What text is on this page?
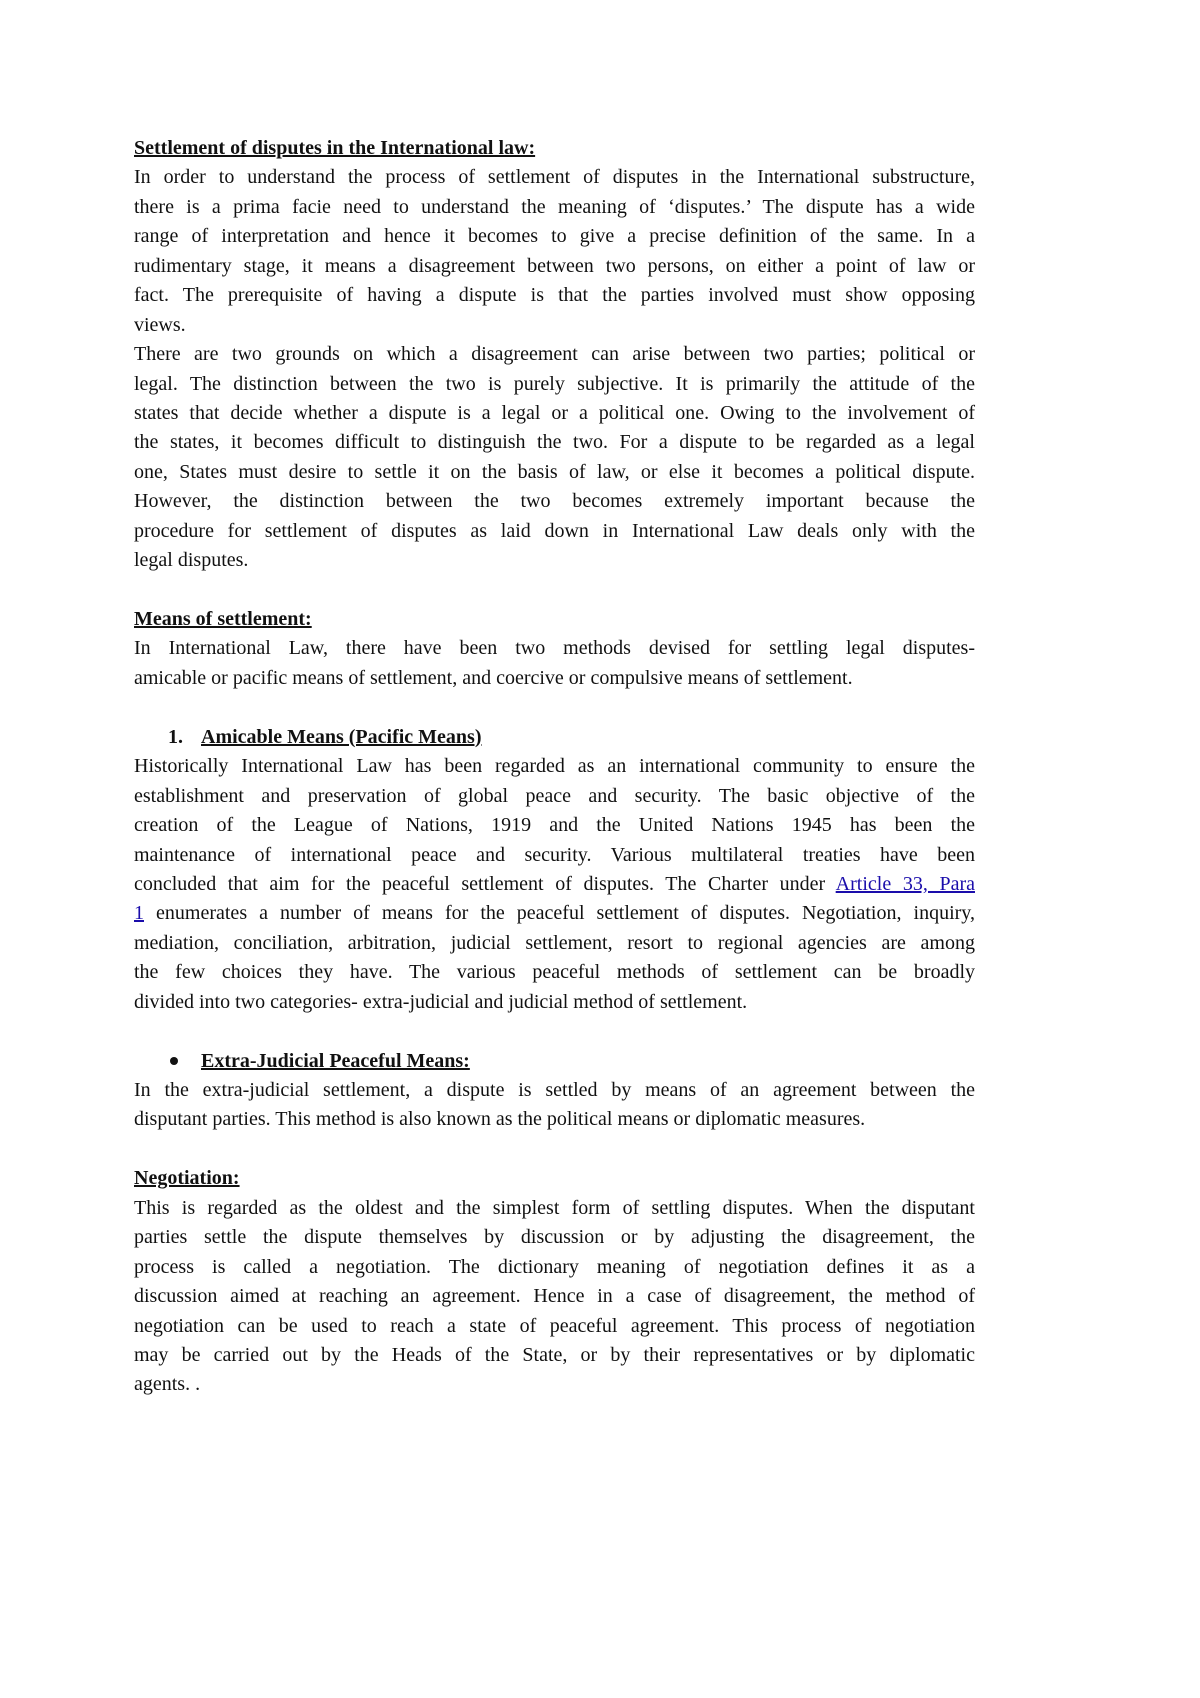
Settlement of disputes in the International law:
In order to understand the process of settlement of disputes in the International substructure,
there is a prima facie need to understand the meaning of ‘disputes.’ The dispute has a wide
range of interpretation and hence it becomes to give a precise definition of the same. In a
rudimentary stage, it means a disagreement between two persons, on either a point of law or
fact. The prerequisite of having a dispute is that the parties involved must show opposing
views.
There are two grounds on which a disagreement can arise between two parties; political or
legal. The distinction between the two is purely subjective. It is primarily the attitude of the
states that decide whether a dispute is a legal or a political one. Owing to the involvement of
the states, it becomes difficult to distinguish the two. For a dispute to be regarded as a legal
one, States must desire to settle it on the basis of law, or else it becomes a political dispute.
However, the distinction between the two becomes extremely important because the
procedure for settlement of disputes as laid down in International Law deals only with the
legal disputes.
Means of settlement:
In International Law, there have been two methods devised for settling legal disputes-
amicable or pacific means of settlement, and coercive or compulsive means of settlement.
1. Amicable Means (Pacific Means)
Historically International Law has been regarded as an international community to ensure the
establishment and preservation of global peace and security. The basic objective of the
creation of the League of Nations, 1919 and the United Nations 1945 has been the
maintenance of international peace and security. Various multilateral treaties have been
concluded that aim for the peaceful settlement of disputes. The Charter under Article 33, Para
1 enumerates a number of means for the peaceful settlement of disputes. Negotiation, inquiry,
mediation, conciliation, arbitration, judicial settlement, resort to regional agencies are among
the few choices they have. The various peaceful methods of settlement can be broadly
divided into two categories- extra-judicial and judicial method of settlement.
Extra-Judicial Peaceful Means:
In the extra-judicial settlement, a dispute is settled by means of an agreement between the
disputant parties. This method is also known as the political means or diplomatic measures.
Negotiation:
This is regarded as the oldest and the simplest form of settling disputes. When the disputant
parties settle the dispute themselves by discussion or by adjusting the disagreement, the
process is called a negotiation. The dictionary meaning of negotiation defines it as a
discussion aimed at reaching an agreement. Hence in a case of disagreement, the method of
negotiation can be used to reach a state of peaceful agreement. This process of negotiation
may be carried out by the Heads of the State, or by their representatives or by diplomatic
agents. .
